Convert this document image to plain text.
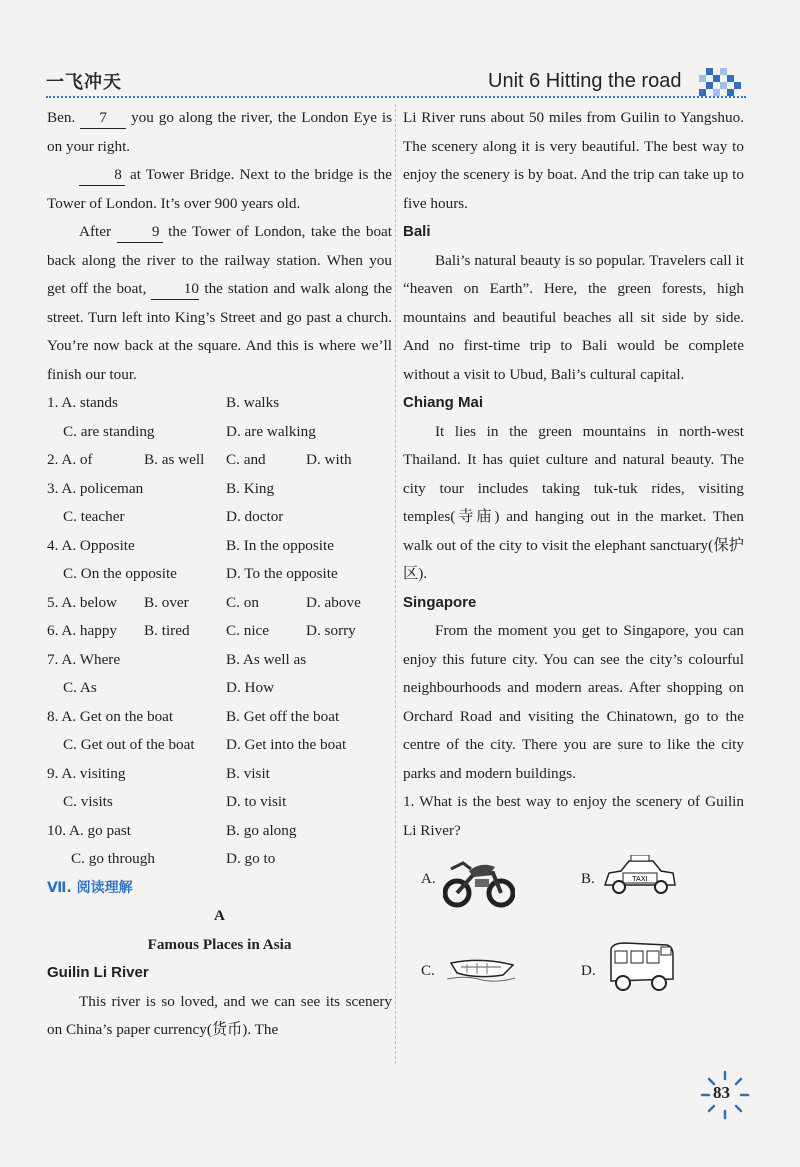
一飞冲天	Unit 6 Hitting the road

Ben. 7 you go along the river, the London Eye is on your right.

8 at Tower Bridge. Next to the bridge is the Tower of London. It’s over 900 years old.

After	9 the Tower of London, take the boat back along the river to the railway station. When you get off the boat, 10 the station and walk along the street. Turn left into King’s Street and go past a church. You’re now back at the square. And this is where we’ll finish our tour.

1. A. stands	B. walks
C. are standing	D. are walking
2. A. of	B. as well C. and	D. with
3. A. policeman	B. King
C. teacher	D. doctor
4. A. Opposite	B. In the opposite
C. On the opposite	D. To the opposite
5. A. below B. over C. on	D. above
6. A. happy B. tired C. nice D. sorry
7. A. Where	B. As well as
C. As	D. How
8. A. Get on the boat	B. Get off the boat
C. Get out of the boat D. Get into the boat
9. A. visiting	B. visit
C. visits	D. to visit
10. A. go past	B. go along
C. go through	D. go to
Ⅶ. 阅读理解
A
Famous Places in Asia
Guilin Li River

This river is so loved, and we can see its scenery on China’s paper currency(货币). The

Li River runs about 50 miles from Guilin to Yangshuo. The scenery along it is very beautiful. The best way to enjoy the scenery is by boat. And the trip can take up to five hours.

Bali

Bali’s natural beauty is so popular. Travelers call it “heaven on Earth”. Here, the green forests, high mountains and beautiful beaches all sit side by side. And no first-time trip to Bali would be complete without a visit to Ubud, Bali’s cultural capital.

Chiang Mai

It lies in the green mountains in north-west Thailand. It has quiet culture and natural beauty. The city tour includes taking tuk-tuk rides, visiting temples(寺庙) and hanging out in the market. Then walk out of the city to visit the elephant sanctuary(保护区).

Singapore

From the moment you get to Singapore, you can enjoy this future city. You can see the city’s colourful neighbourhoods and modern areas. After shopping on Orchard Road and visiting the Chinatown, go to the centre of the city. There you are sure to like the city parks and modern buildings.

1. What is the best way to enjoy the scenery of Guilin Li River?

A.	B.	TAXI
C.	D.
83
